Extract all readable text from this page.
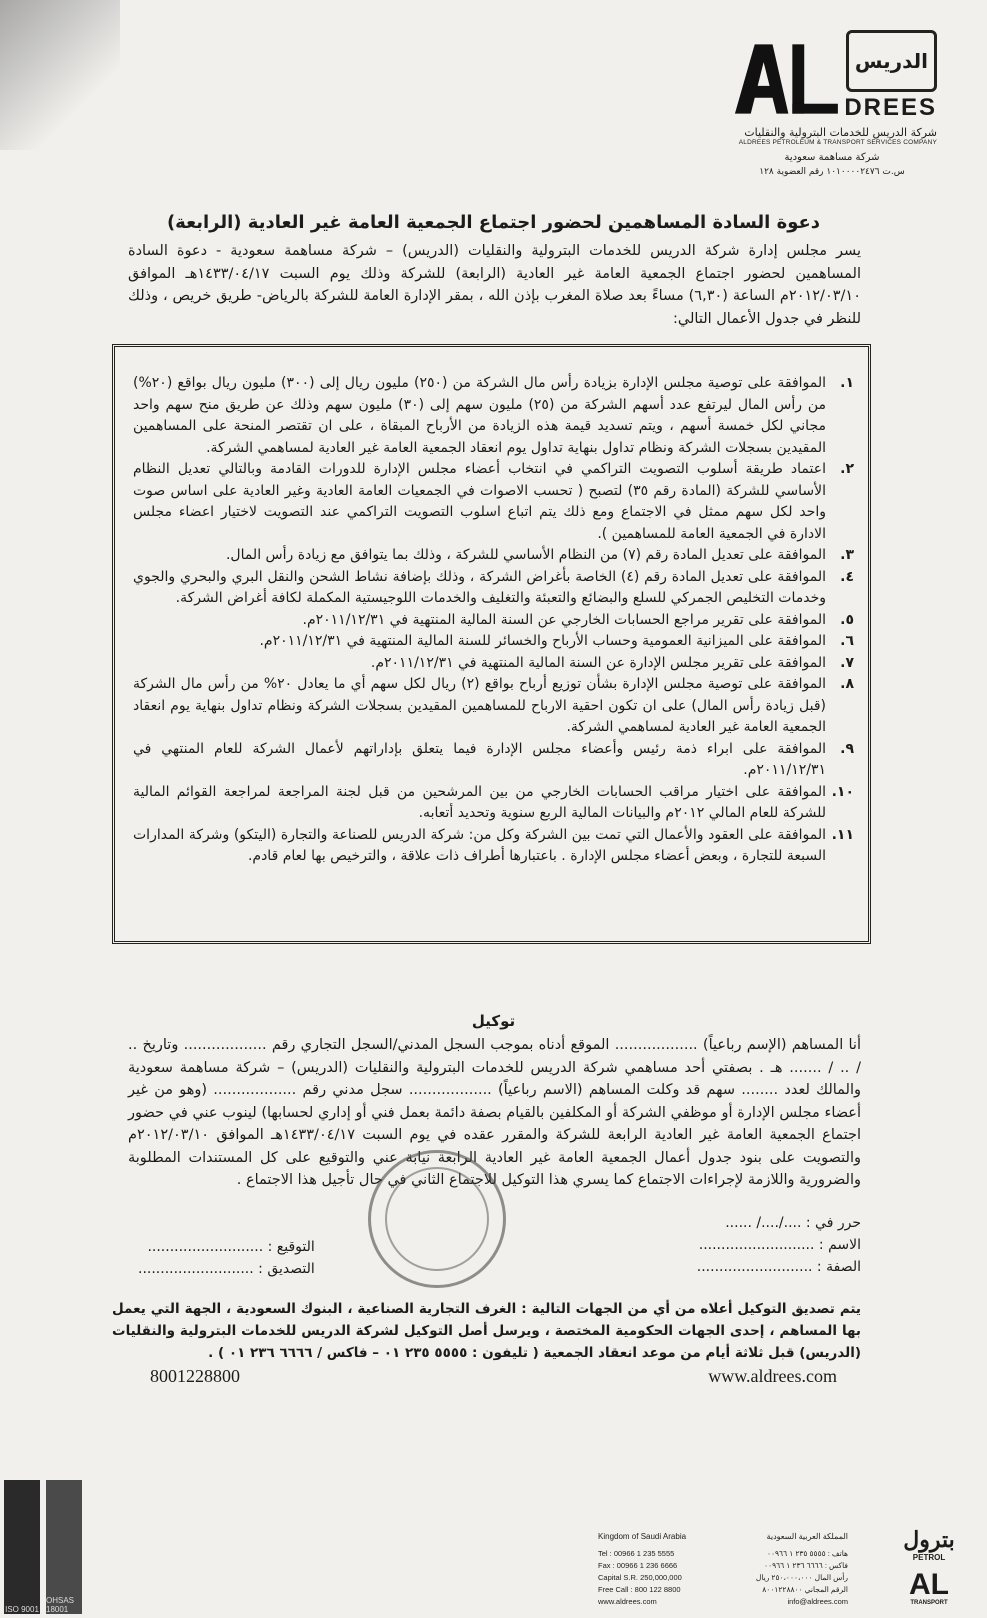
الدريس
DREES
شركة الدريس للخدمات البترولية والنقليات
ALDREES PETROLEUM & TRANSPORT SERVICES COMPANY
شركة مساهمة سعودية
س.ت ١٠١٠٠٠٠٢٤٧٦ رقم العضوية ١٢٨
دعوة السادة المساهمين لحضور اجتماع الجمعية العامة غير العادية (الرابعة)
يسر مجلس إدارة شركة الدريس للخدمات البترولية والنقليات (الدريس) – شركة مساهمة سعودية - دعوة السادة المساهمين لحضور اجتماع الجمعية العامة غير العادية (الرابعة) للشركة وذلك يوم السبت ١٤٣٣/٠٤/١٧هـ الموافق ٢٠١٢/٠٣/١٠م الساعة (٦,٣٠) مساءً بعد صلاة المغرب بإذن الله ، بمقر الإدارة العامة للشركة بالرياض- طريق خريص ، وذلك للنظر في جدول الأعمال التالي:
١.
الموافقة على توصية مجلس الإدارة بزيادة رأس مال الشركة من (٢٥٠) مليون ريال إلى (٣٠٠) مليون ريال بواقع (٢٠%) من رأس المال ليرتفع عدد أسهم الشركة من (٢٥) مليون سهم إلى (٣٠) مليون سهم وذلك عن طريق منح سهم واحد مجاني لكل خمسة أسهم ، ويتم تسديد قيمة هذه الزيادة من الأرباح المبقاة ، على ان تقتصر المنحة على المساهمين المقيدين بسجلات الشركة ونظام تداول بنهاية تداول يوم انعقاد الجمعية العامة غير العادية لمساهمي الشركة.
٢.
اعتماد طريقة أسلوب التصويت التراكمي في انتخاب أعضاء مجلس الإدارة للدورات القادمة وبالتالي تعديل النظام الأساسي للشركة (المادة رقم ٣٥) لتصبح ( تحسب الاصوات في الجمعيات العامة العادية وغير العادية على اساس صوت واحد لكل سهم ممثل في الاجتماع ومع ذلك يتم اتباع اسلوب التصويت التراكمي عند التصويت لاختيار اعضاء مجلس الادارة في الجمعية العامة للمساهمين ).
٣.
الموافقة على تعديل المادة رقم (٧) من النظام الأساسي للشركة ، وذلك بما يتوافق مع زيادة رأس المال.
٤.
الموافقة على تعديل المادة رقم (٤) الخاصة بأغراض الشركة ، وذلك بإضافة نشاط الشحن والنقل البري والبحري والجوي وخدمات التخليص الجمركي للسلع والبضائع والتعبئة والتغليف والخدمات اللوجيستية المكملة لكافة أغراض الشركة.
٥.
الموافقة على تقرير مراجع الحسابات الخارجي عن السنة المالية المنتهية في ٢٠١١/١٢/٣١م.
٦.
الموافقة على الميزانية العمومية وحساب الأرباح والخسائر للسنة المالية المنتهية في ٢٠١١/١٢/٣١م.
٧.
الموافقة على تقرير مجلس الإدارة عن السنة المالية المنتهية في ٢٠١١/١٢/٣١م.
٨.
الموافقة على توصية مجلس الإدارة بشأن توزيع أرباح بواقع (٢) ريال لكل سهم أي ما يعادل ٢٠% من رأس مال الشركة (قبل زيادة رأس المال) على ان تكون احقية الارباح للمساهمين المقيدين بسجلات الشركة ونظام تداول بنهاية يوم انعقاد الجمعية العامة غير العادية لمساهمي الشركة.
٩.
الموافقة على ابراء ذمة رئيس وأعضاء مجلس الإدارة فيما يتعلق بإداراتهم لأعمال الشركة للعام المنتهي في ٢٠١١/١٢/٣١م.
١٠.
الموافقة على اختيار مراقب الحسابات الخارجي من بين المرشحين من قبل لجنة المراجعة لمراجعة القوائم المالية للشركة للعام المالي ٢٠١٢م والبيانات المالية الربع سنوية وتحديد أتعابه.
١١.
الموافقة على العقود والأعمال التي تمت بين الشركة وكل من: شركة الدريس للصناعة والتجارة (اليتكو) وشركة المدارات السبعة للتجارة ، وبعض أعضاء مجلس الإدارة . باعتبارها أطراف ذات علاقة ، والترخيص بها لعام قادم.
توكيل
أنا المساهم (الإسم رباعياً) .................. الموقع أدناه بموجب السجل المدني/السجل التجاري رقم .................. وتاريخ .. / .. / ....... هـ . بصفتي أحد مساهمي شركة الدريس للخدمات البترولية والنقليات (الدريس) – شركة مساهمة سعودية والمالك لعدد ........ سهم قد وكلت المساهم (الاسم رباعياً) .................. سجل مدني رقم .................. (وهو من غير أعضاء مجلس الإدارة أو موظفي الشركة أو المكلفين بالقيام بصفة دائمة بعمل فني أو إداري لحسابها) لينوب عني في حضور اجتماع الجمعية العامة غير العادية الرابعة للشركة والمقرر عقده في يوم السبت ١٤٣٣/٠٤/١٧هـ الموافق ٢٠١٢/٠٣/١٠م والتصويت على بنود جدول أعمال الجمعية العامة غير العادية الرابعة نيابة عني والتوقيع على كل المستندات المطلوبة والضرورية واللازمة لإجراءات الاجتماع كما يسري هذا التوكيل للاجتماع الثاني في حال تأجيل هذا الاجتماع .
حرر في : ..../..../ ......
الاسم : ..........................
الصفة : ..........................
التوقيع : ..........................
التصديق : ..........................
يتم تصديق التوكيل أعلاه من أي من الجهات التالية : الغرف التجارية الصناعية ، البنوك السعودية ، الجهة التي يعمل بها المساهم ، إحدى الجهات الحكومية المختصة ، ويرسل أصل التوكيل لشركة الدريس للخدمات البترولية والنقليات (الدريس) قبل ثلاثة أيام من موعد انعقاد الجمعية ( تليفون : ٥٥٥٥ ٢٣٥ ٠١ – فاكس / ٦٦٦٦ ٢٣٦ ٠١ ) .
8001228800	www.aldrees.com
ISO 9001
OHSAS 18001
Kingdom of Saudi Arabia	المملكة العربية السعودية
Tel : 00966 1 235 5555	هاتف : ٥٥٥٥ ٢٣٥ ١ ٠٠٩٦٦
Fax : 00966 1 236 6666	فاكس : ٦٦٦٦ ٢٣٦ ١ ٠٠٩٦٦
Capital S.R. 250,000,000	رأس المال ٢٥٠،٠٠٠،٠٠٠ ريال
Free Call : 800 122 8800	الرقم المجاني ٨٠٠١٢٢٨٨٠٠
www.aldrees.com	info@aldrees.com
بترول
PETROL
AL
TRANSPORT
